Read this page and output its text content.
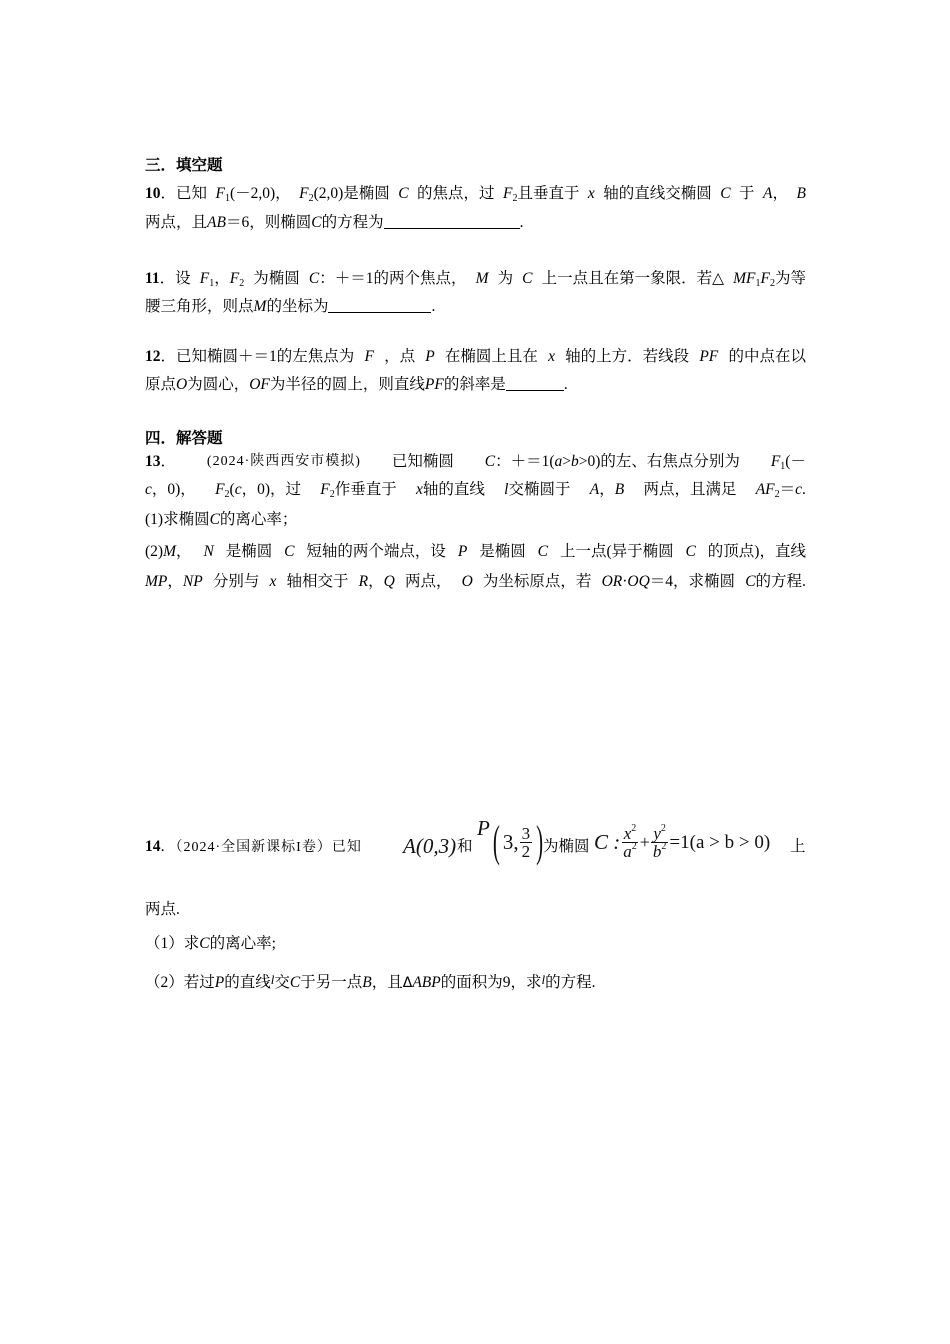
三．填空题
10．已知 $F_1(-2,0)$， $F_2(2,0)$是椭圆 C 的焦点，过 $F_2$且垂直于 x 轴的直线交椭圆 C 于 A， B
两点，且AB＝6，则椭圆C的方程为	.
11．设 $F_1$，$F_2$ 为椭圆 C：＋＝1的两个焦点， M 为 C 上一点且在第一象限．若△ $MF_1F_2$为等
腰三角形，则点M的坐标为	.
12．已知椭圆＋＝1的左焦点为 F ，点 P 在椭圆上且在 x 轴的上方．若线段 PF 的中点在以
原点O为圆心，OF为半径的圆上，则直线PF的斜率是	.
四．解答题
13． (2024·陕西西安市模拟) 已知椭圆 C：＋＝1(a>b>0)的左、右焦点分别为 $F_1(-$
c，0)， $F_2(c$，0)，过 $F_2$作垂直于 x轴的直线 l交椭圆于 A，B 两点，且满足 $AF_2=c$.
(1)求椭圆C的离心率；
(2)M， N 是椭圆 C 短轴的两个端点，设 P 是椭圆 C 上一点(异于椭圆 C 的顶点)，直线
MP，NP 分别与 x 轴相交于 R，Q 两点， O 为坐标原点，若 OR·OQ＝4，求椭圆 C的方程.
14．（2024·全国新课标I卷）已知 A(0,3) 和
P ( 3, $\frac{3}{2}$ ) 为椭圆 C : $\frac{x^2}{a^2} + \frac{y^2}{b^2} =1(a > b > 0)$ 上
两点.
（1）求C的离心率;
（2）若过P的直线l交C于另一点B，且ΔABP的面积为9，求l的方程.
